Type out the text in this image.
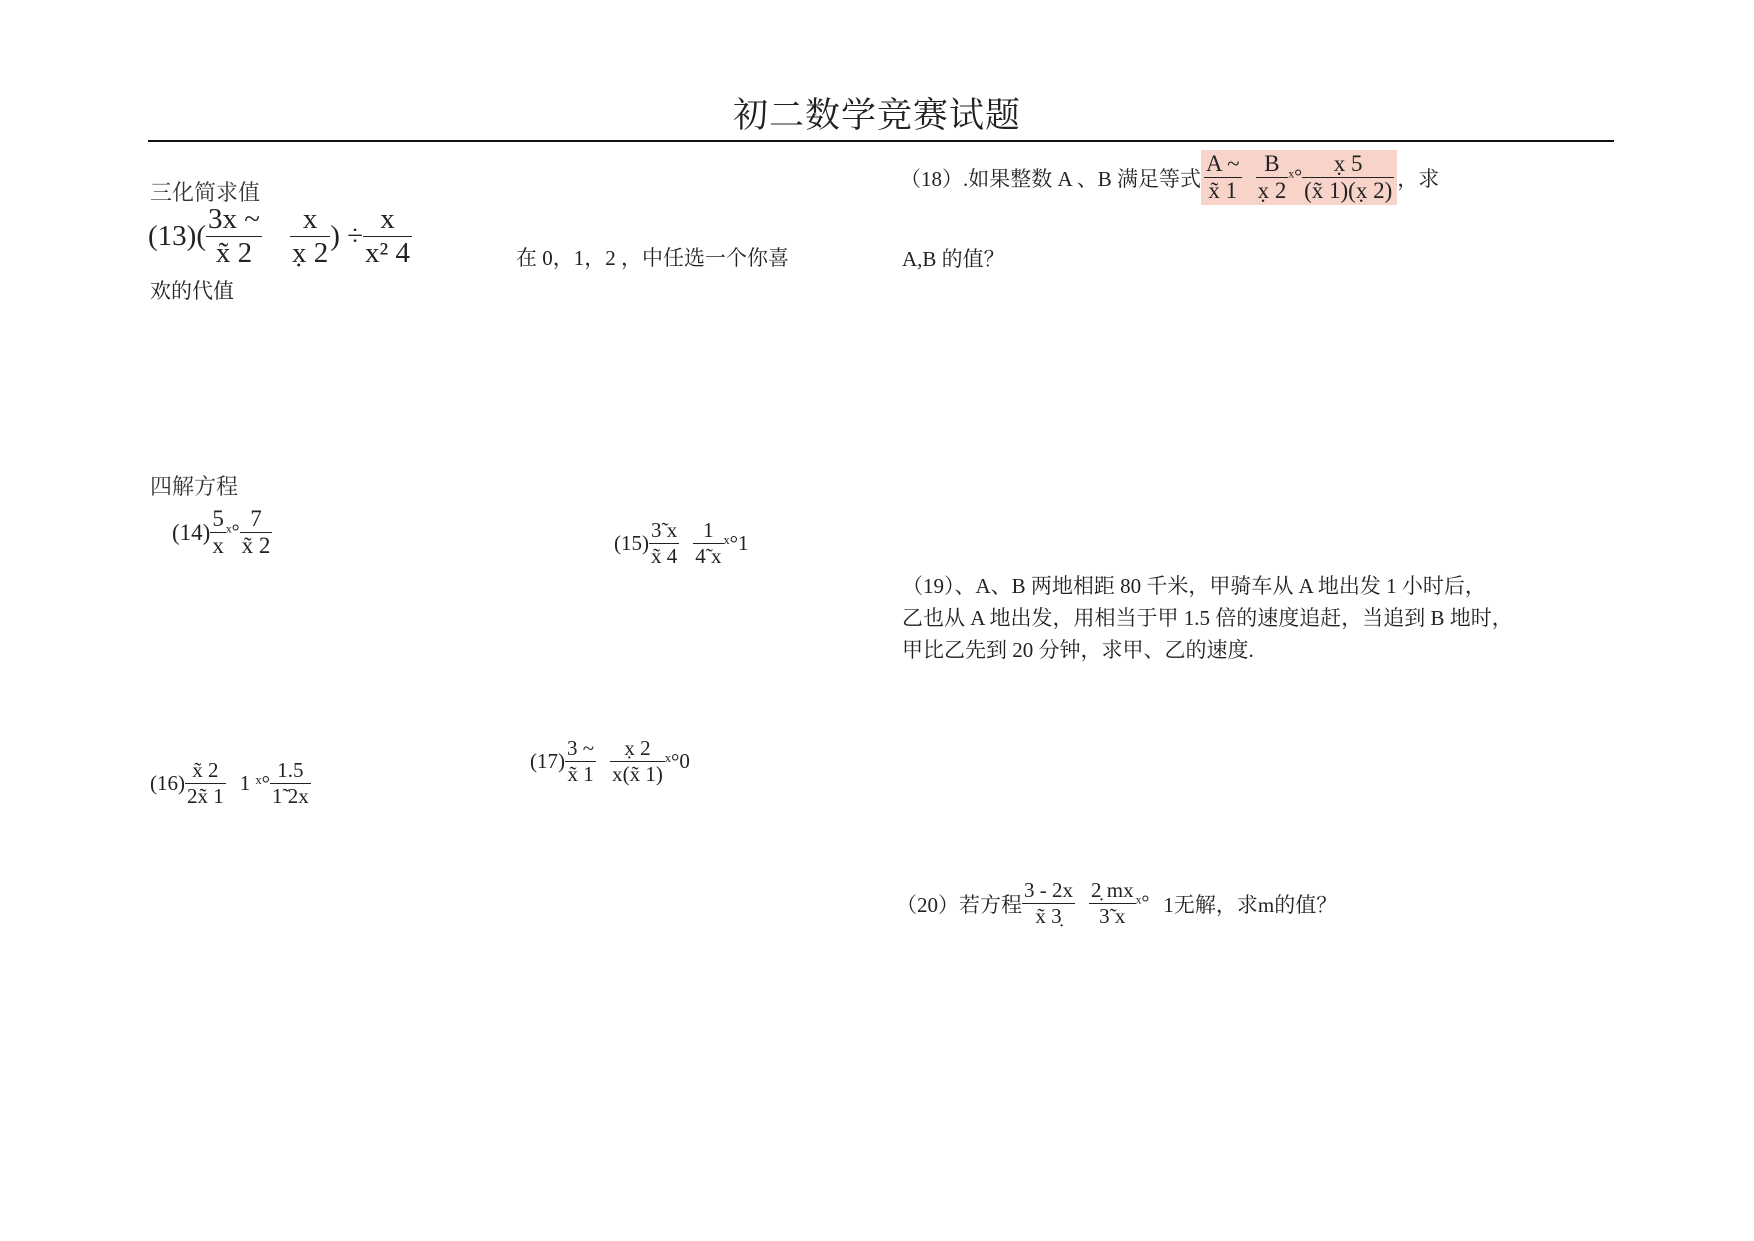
初二数学竞赛试题
三化简求值
$(13)( \frac{3x \sim}{x̃ 2} \frac{x}{x̣ 2}$ ) ÷ $\frac{x}{\text{x² 4}}$	在 0，1，2 ，中任选一个你喜
欢的代值
（18）.如果整数 A 、B 满足等式 $\frac{A \sim}{x̃ 1} \frac{B}{x̣ 2}$ ˣ° $\frac{x̣ 5}{(x̃ 1)(x̣ 2)}$ ，求
A,B 的值？
四解方程
$(14) \frac{5}{x}$ ˣ° $\frac{7}{x̃ 2}$	$(15) \frac{3̃ x}{x̃ 4} \frac{1}{4̃ x}$ ˣ°1
（19）、A、B 两地相距 80 千米，甲骑车从 A 地出发 1 小时后，
乙也从 A 地出发，用相当于甲 1.5 倍的速度追赶，当追到 B 地时，
甲比乙先到 20 分钟，求甲、乙的速度.
$(16) \frac{x̃ 2}{2x̃ 1} 1$ ˣ° $\frac{1.5}{1̃ 2x}$	$(17) \frac{3 \sim}{x̃ 1} \frac{x̣ 2}{x(x̃ 1)}$ ˣ°0
（20）若方程 $\frac{3 - 2x}{x̃ 3̣} \frac{2̣ mx}{3̃ x}$ ˣ° 1无解，求m的值？
